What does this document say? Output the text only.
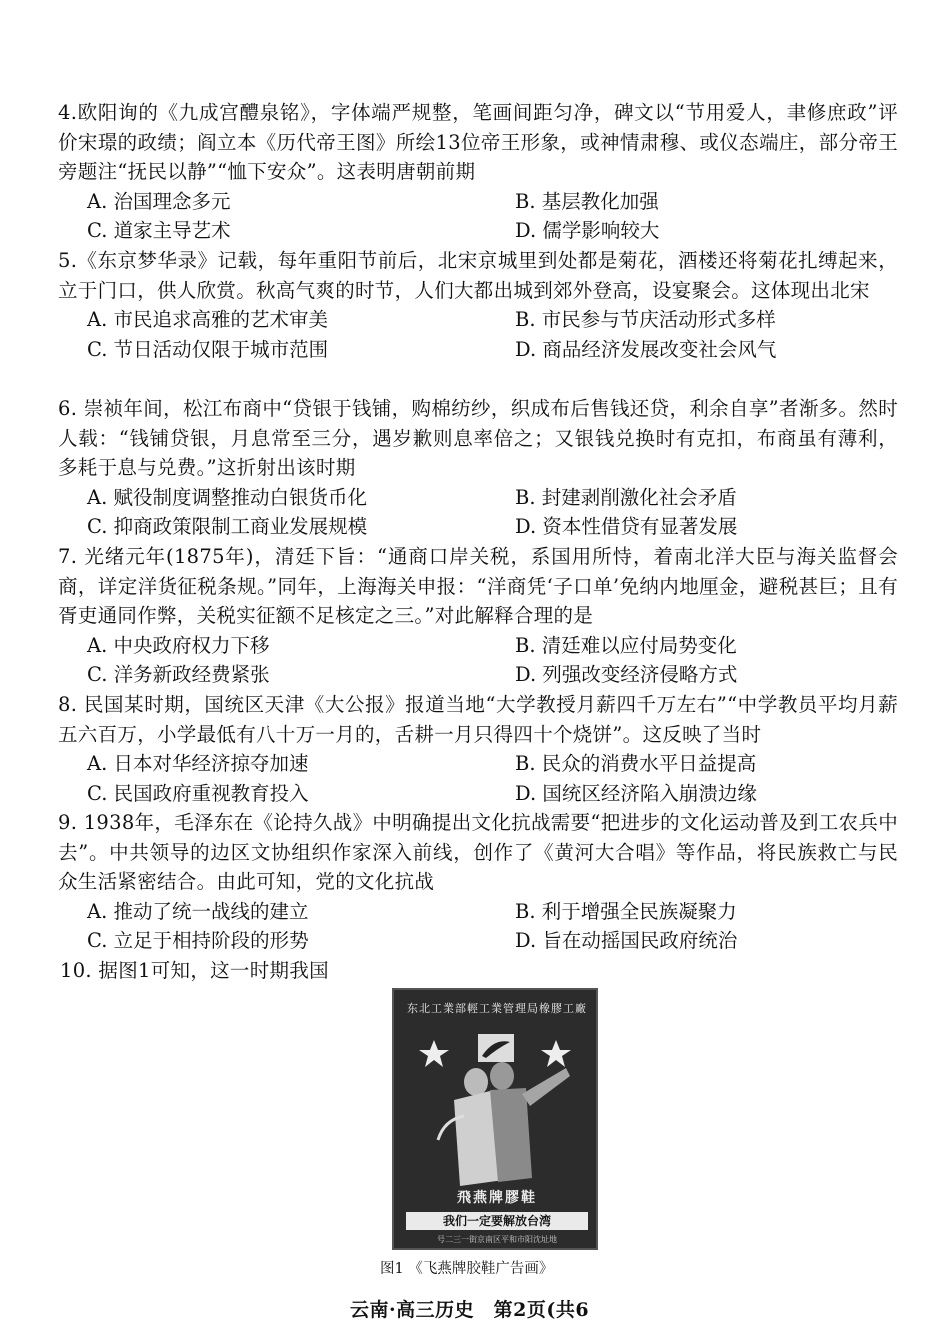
4.欧阳询的《九成宫醴泉铭》，字体端严规整，笔画间距匀净，碑文以“节用爱人，聿修庶政”评价宋璟的政绩；阎立本《历代帝王图》所绘13位帝王形象，或神情肃穆、或仪态端庄，部分帝王旁题注“抚民以静”“恤下安众”。这表明唐朝前期

A. 治国理念多元	B. 基层教化加强
C. 道家主导艺术	D. 儒学影响较大

5.《东京梦华录》记载，每年重阳节前后，北宋京城里到处都是菊花，酒楼还将菊花扎缚起来，立于门口，供人欣赏。秋高气爽的时节，人们大都出城到郊外登高，设宴聚会。这体现出北宋

A. 市民追求高雅的艺术审美	B. 市民参与节庆活动形式多样
C. 节日活动仅限于城市范围	D. 商品经济发展改变社会风气

6. 崇祯年间，松江布商中“贷银于钱铺，购棉纺纱，织成布后售钱还贷，利余自享”者渐多。然时人载：“钱铺贷银，月息常至三分，遇岁歉则息率倍之；又银钱兑换时有克扣，布商虽有薄利，多耗于息与兑费。”这折射出该时期

A. 赋役制度调整推动白银货币化	B. 封建剥削激化社会矛盾
C. 抑商政策限制工商业发展规模	D. 资本性借贷有显著发展

7. 光绪元年(1875年)，清廷下旨：“通商口岸关税，系国用所恃，着南北洋大臣与海关监督会商，详定洋货征税条规。”同年，上海海关申报：“洋商凭‘子口单’免纳内地厘金，避税甚巨；且有胥吏通同作弊，关税实征额不足核定之三。”对此解释合理的是

A. 中央政府权力下移	B. 清廷难以应付局势变化
C. 洋务新政经费紧张	D. 列强改变经济侵略方式

8. 民国某时期，国统区天津《大公报》报道当地“大学教授月薪四千万左右”“中学教员平均月薪五六百万，小学最低有八十万一月的，舌耕一月只得四十个烧饼”。这反映了当时

A. 日本对华经济掠夺加速	B. 民众的消费水平日益提高
C. 民国政府重视教育投入	D. 国统区经济陷入崩溃边缘

9. 1938年，毛泽东在《论持久战》中明确提出文化抗战需要“把进步的文化运动普及到工农兵中去”。中共领导的边区文协组织作家深入前线，创作了《黄河大合唱》等作品，将民族救亡与民众生活紧密结合。由此可知，党的文化抗战

A. 推动了统一战线的建立	B. 利于增强全民族凝聚力
C. 立足于相持阶段的形势	D. 旨在动摇国民政府统治

10. 据图1可知，这一时期我国

东北工業部輕工業管理局橡膠工廠
飛燕牌膠鞋
我们一定要解放台湾
号二三一街京南区平和市阳沈址地
图1 《飞燕牌胶鞋广告画》
云南·高三历史　第2页(共6
